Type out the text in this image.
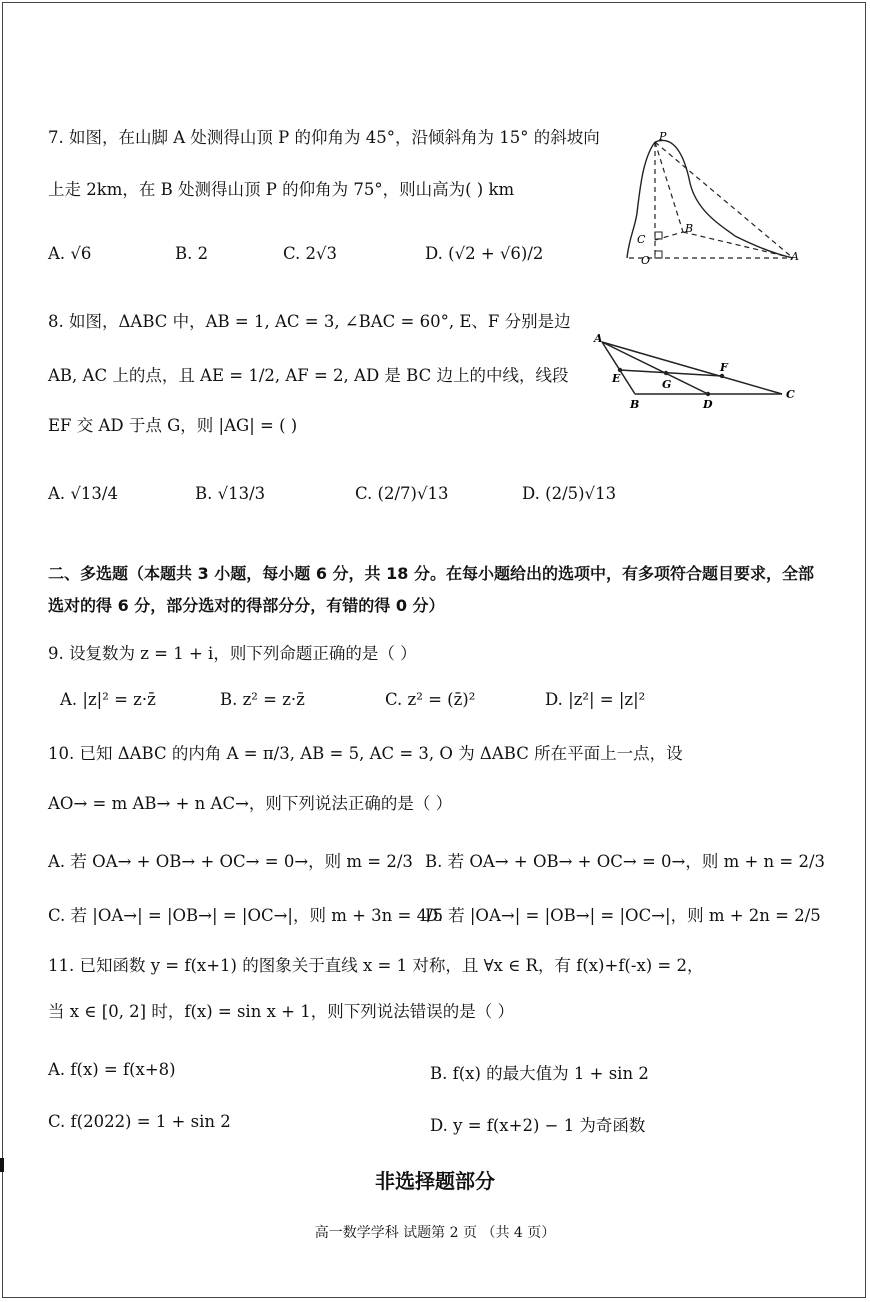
7. 如图，在山脚 A 处测得山顶 P 的仰角为 45°，沿倾斜角为 15° 的斜坡向
上走 2km，在 B 处测得山顶 P 的仰角为 75°，则山高为( ) km
A. √6	B. 2	C. 2√3	D. (√2 + √6)/2
P
C
B
O	A
8. 如图，ΔABC 中，AB = 1, AC = 3, ∠BAC = 60°, E、F 分别是边
AB, AC 上的点，且 AE = 1/2, AF = 2, AD 是 BC 边上的中线，线段
EF 交 AD 于点 G，则 |AG| = ( )
A. √13/4	B. √13/3	C. (2/7)√13	D. (2/5)√13
A
E
F
G
B	D
C
二、多选题（本题共 3 小题，每小题 6 分，共 18 分。在每小题给出的选项中，有多项符合题目要求，全部选对的得 6 分，部分选对的得部分分，有错的得 0 分）
9. 设复数为 z = 1 + i，则下列命题正确的是（ ）
A. |z|² = z·z̄	B. z² = z·z̄	C. z² = (z̄)²	D. |z²| = |z|²
10. 已知 ΔABC 的内角 A = π/3, AB = 5, AC = 3, O 为 ΔABC 所在平面上一点，设
AO→ = m AB→ + n AC→，则下列说法正确的是（ ）
A. 若 OA→ + OB→ + OC→ = 0→，则 m = 2/3 B. 若 OA→ + OB→ + OC→ = 0→，则 m + n = 2/3
C. 若 |OA→| = |OB→| = |OC→|，则 m + 3n = 4/5
D. 若 |OA→| = |OB→| = |OC→|，则 m + 2n = 2/5
11. 已知函数 y = f(x+1) 的图象关于直线 x = 1 对称，且 ∀x ∈ R，有 f(x)+f(-x) = 2，
当 x ∈ [0, 2] 时，f(x) = sin x + 1，则下列说法错误的是（ ）
A. f(x) = f(x+8)	B. f(x) 的最大值为 1 + sin 2
C. f(2022) = 1 + sin 2	D. y = f(x+2) − 1 为奇函数
非选择题部分
高一数学学科 试题第 2 页 （共 4 页）
